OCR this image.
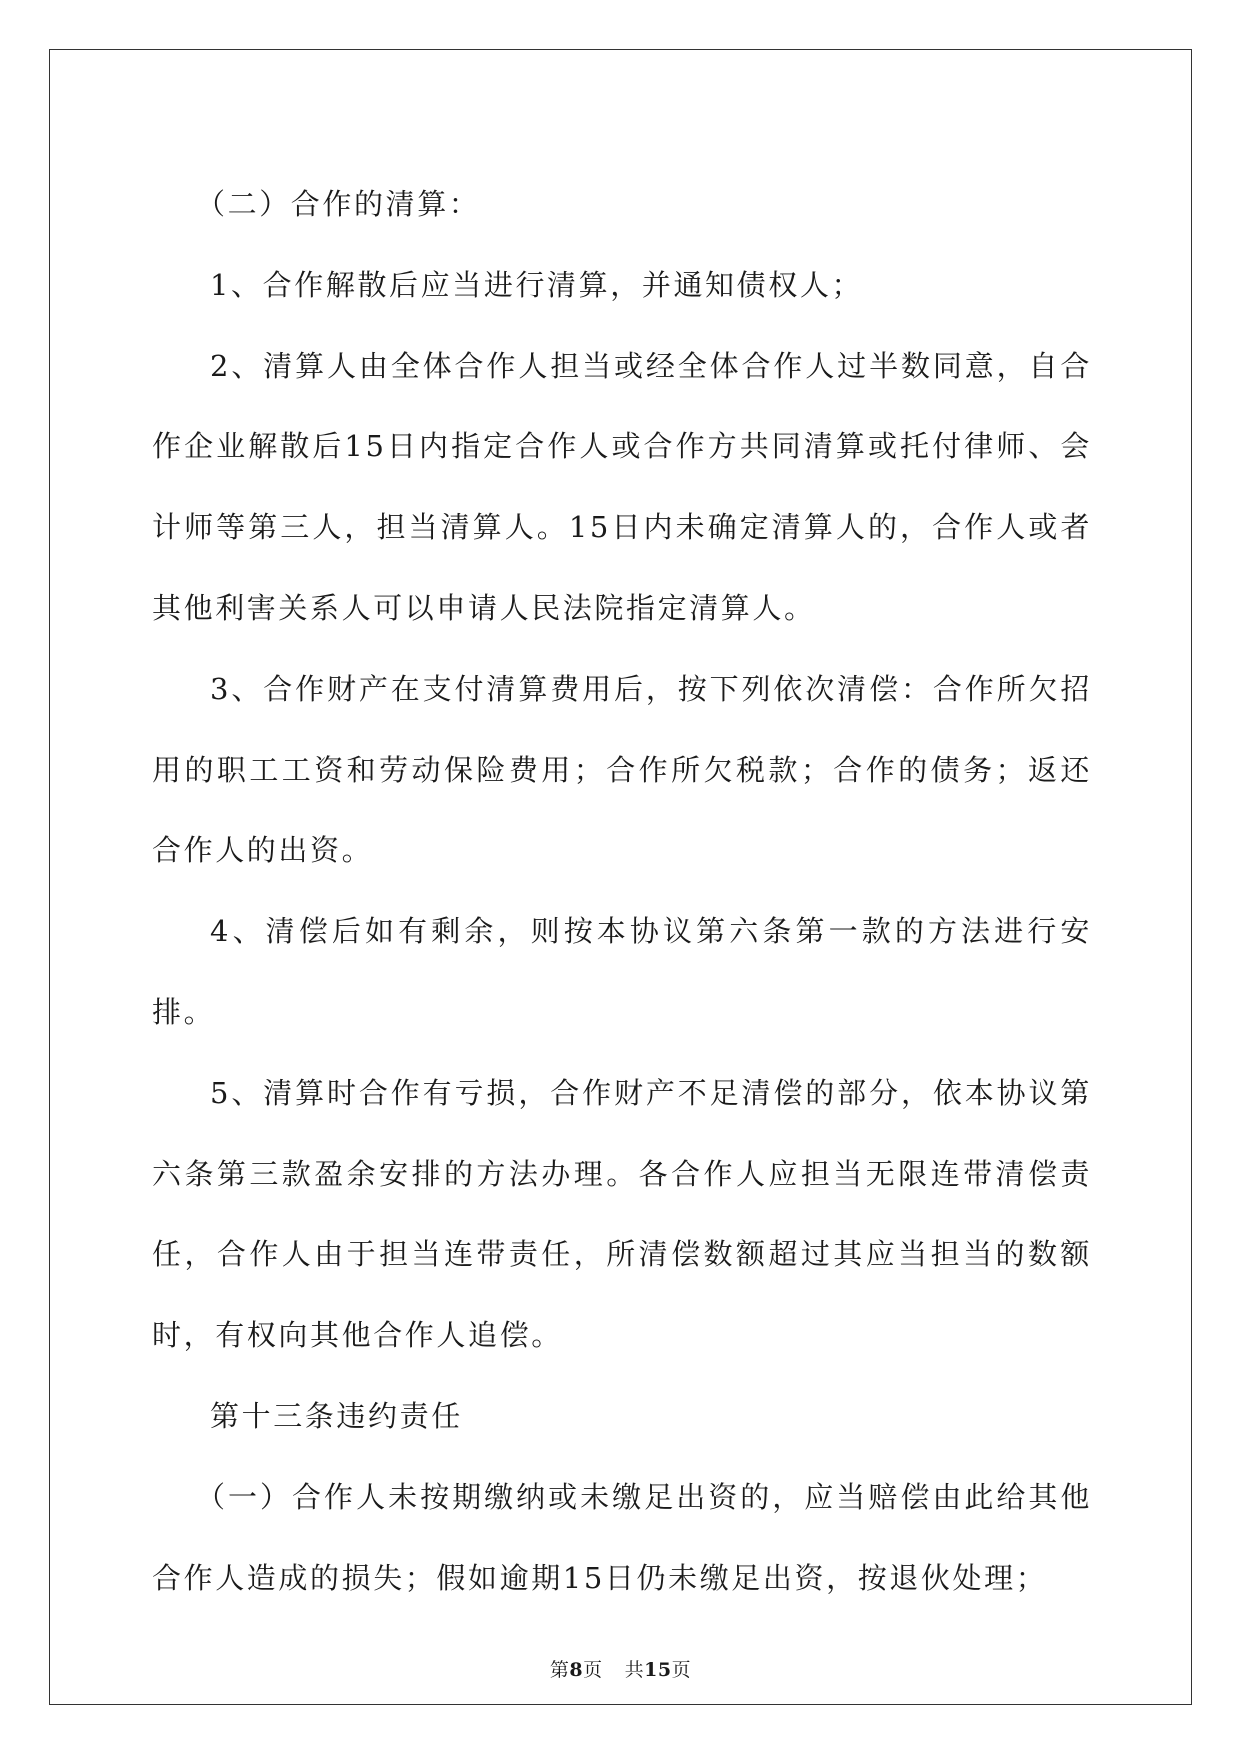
（二）合作的清算：

1、合作解散后应当进行清算，并通知债权人；

2、清算人由全体合作人担当或经全体合作人过半数同意，自合作企业解散后15日内指定合作人或合作方共同清算或托付律师、会计师等第三人，担当清算人。15日内未确定清算人的，合作人或者其他利害关系人可以申请人民法院指定清算人。

3、合作财产在支付清算费用后，按下列依次清偿：合作所欠招用的职工工资和劳动保险费用；合作所欠税款；合作的债务；返还合作人的出资。

4、清偿后如有剩余，则按本协议第六条第一款的方法进行安排。

5、清算时合作有亏损，合作财产不足清偿的部分，依本协议第六条第三款盈余安排的方法办理。各合作人应担当无限连带清偿责任，合作人由于担当连带责任，所清偿数额超过其应当担当的数额时，有权向其他合作人追偿。

第十三条违约责任

（一）合作人未按期缴纳或未缴足出资的，应当赔偿由此给其他合作人造成的损失；假如逾期15日仍未缴足出资，按退伙处理；

第8页 共15页
